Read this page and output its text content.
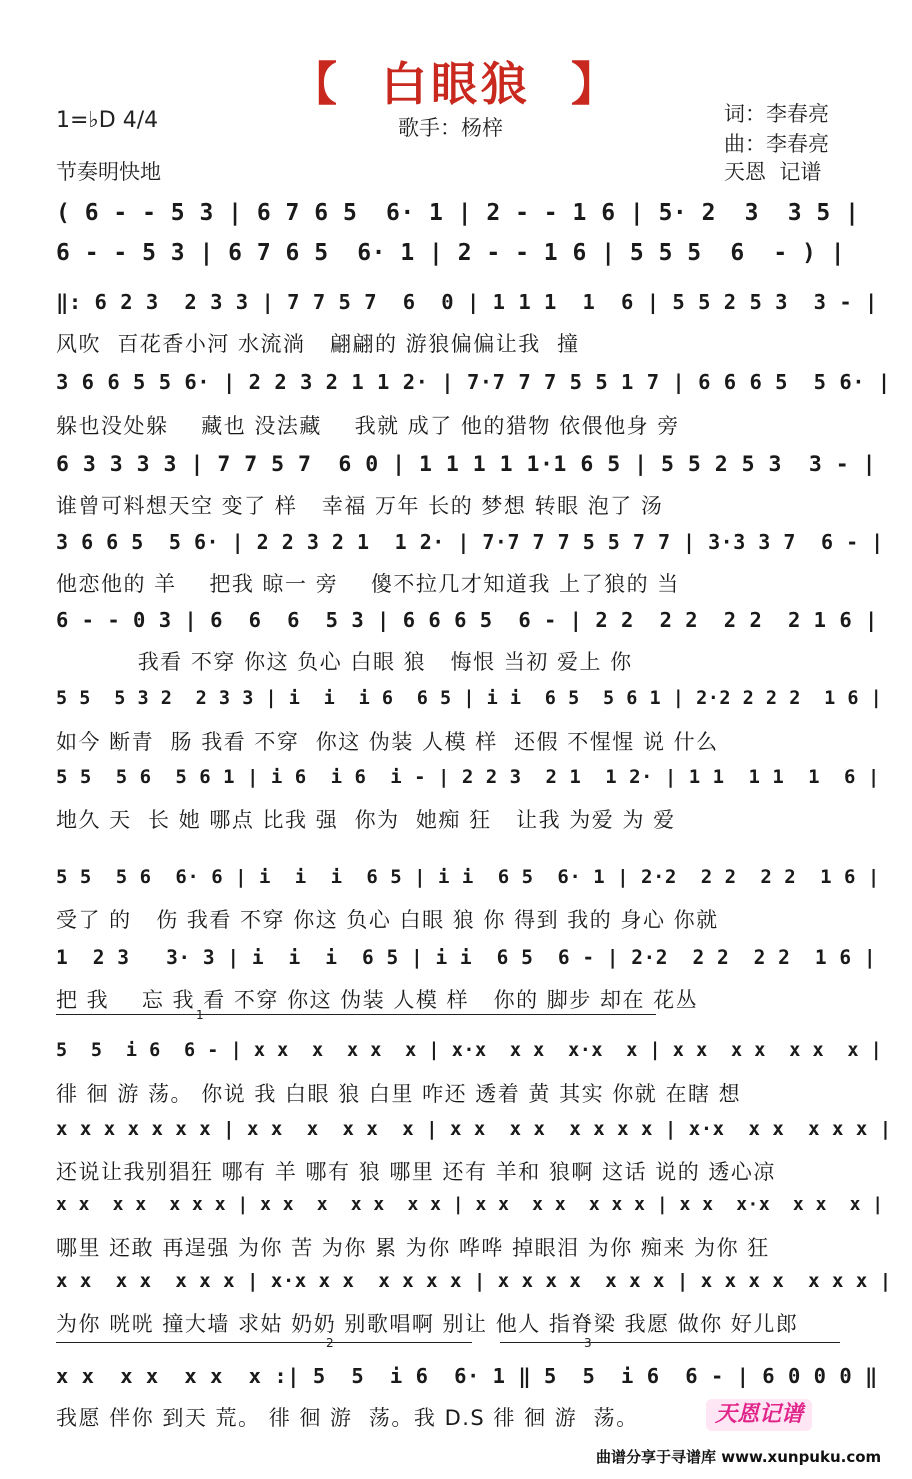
【  白眼狼  】
1=♭D 4/4	歌手：杨梓
词：李春亮
曲：李春亮
天恩  记谱
节奏明快地
( 6 - - 5 3 | 6 7 6 5  6· 1 | 2 - - 1 6 | 5· 2  3  3 5 |
6 - - 5 3 | 6 7 6 5  6· 1 | 2 - - 1 6 | 5 5 5  6  - ) |
‖: 6 2 3  2 3 3 | 7 7 5 7  6  0 | 1 1 1  1  6 | 5 5 2 5 3  3 - |
风吹  百花香小河 水流淌   翩翩的 游狼偏偏让我  撞
3 6 6 5 5 6· | 2 2 3 2 1 1 2· | 7·7 7 7 5 5 1 7 | 6 6 6 5  5 6· |
躲也没处躲    藏也 没法藏    我就 成了 他的猎物 依偎他身 旁
6 3 3 3 3 | 7 7 5 7  6 0 | 1 1 1 1 1·1 6 5 | 5 5 2 5 3  3 - |
谁曾可料想天空 变了 样   幸福 万年 长的 梦想 转眼 泡了 汤
3 6 6 5  5 6· | 2 2 3 2 1  1 2· | 7·7 7 7 5 5 7 7 | 3·3 3 7  6 - |
他恋他的 羊    把我 晾一 旁    傻不拉几才知道我 上了狼的 当
6 - - 0 3 | 6  6  6  5 3 | 6 6 6 5  6 - | 2 2  2 2  2 2  2 1 6 |
我看 不穿 你这 负心 白眼 狼   悔恨 当初 爱上 你
5 5  5 3 2  2 3 3 | i  i  i 6  6 5 | i i  6 5  5 6 1 | 2·2 2 2 2  1 6 |
如今 断青  肠 我看 不穿  你这 伪装 人模 样  还假 不惺惺 说 什么
5 5  5 6  5 6 1 | i 6  i 6  i - | 2 2 3  2 1  1 2· | 1 1  1 1  1  6 |
地久 天  长 她 哪点 比我 强  你为  她痴 狂   让我 为爱 为 爱
5 5  5 6  6· 6 | i  i  i  6 5 | i i  6 5  6· 1 | 2·2  2 2  2 2  1 6 |
受了 的   伤 我看 不穿 你这 负心 白眼 狼 你 得到 我的 身心 你就
1  2 3   3· 3 | i  i  i  6 5 | i i  6 5  6 - | 2·2  2 2  2 2  1 6 |
把 我    忘 我 看 不穿 你这 伪装 人模 样   你的 脚步 却在 花丛
1
5  5  i 6  6 - | x x  x  x x  x | x·x  x x  x·x  x | x x  x x  x x  x |
徘 徊 游 荡。 你说 我 白眼 狼 白里 咋还 透着 黄 其实 你就 在瞎 想
x x x x x x x | x x  x  x x  x | x x  x x  x x x x | x·x  x x  x x x |
还说让我别猖狂 哪有 羊 哪有 狼 哪里 还有 羊和 狼啊 这话 说的 透心凉
x x  x x  x x x | x x  x  x x  x x | x x  x x  x x x | x x  x·x  x x  x |
哪里 还敢 再逞强 为你 苦 为你 累 为你 哗哗 掉眼泪 为你 痴来 为你 狂
x x  x x  x x x | x·x x x  x x x x | x x x x  x x x | x x x x  x x x |
为你 咣咣 撞大墙 求姑 奶奶 别歌唱啊 别让 他人 指脊梁 我愿 做你 好儿郎
2	3
x x  x x  x x  x :| 5  5  i 6  6· 1 ‖ 5  5  i 6  6 - | 6 0 0 0 ‖
我愿 伴你 到天 荒。 徘 徊 游  荡。我 D.S 徘 徊 游  荡。	天恩记谱
曲谱分享于寻谱库 www.xunpuku.com
